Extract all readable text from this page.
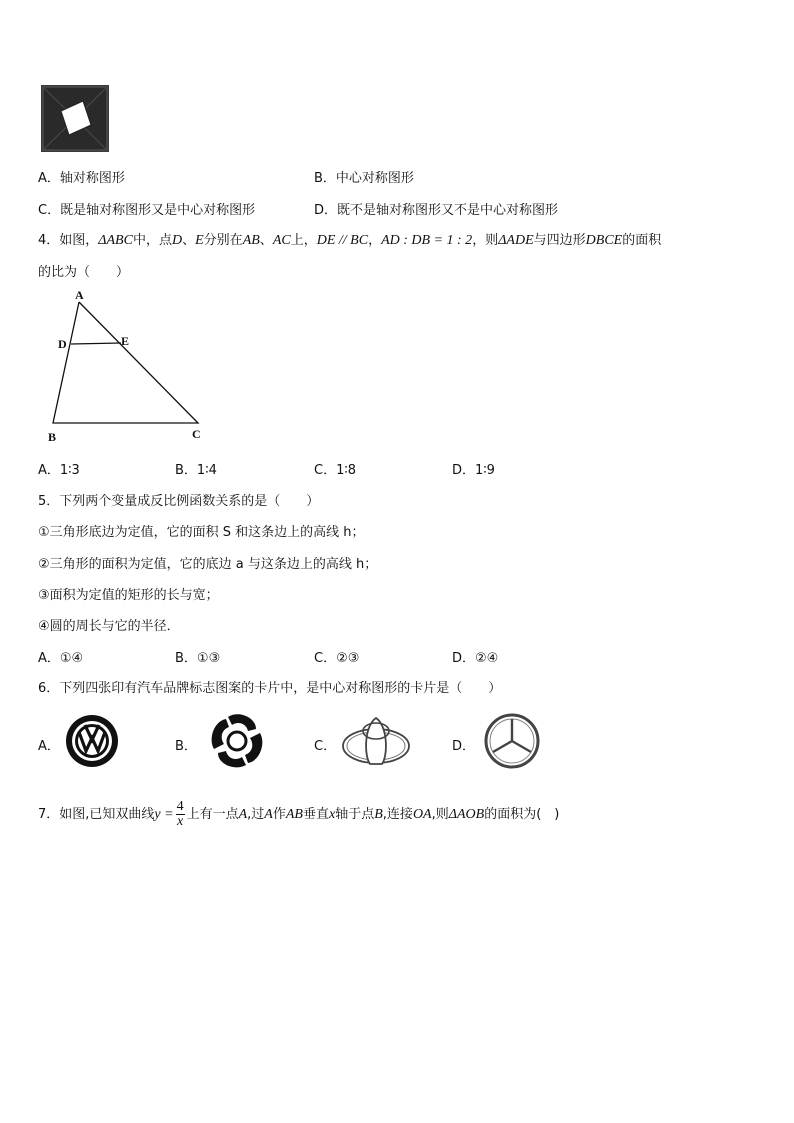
A．轴对称图形	B．中心对称图形
C．既是轴对称图形又是中心对称图形	D．既不是轴对称图形又不是中心对称图形
4．如图，ΔABC中，点D、E分别在AB、AC上，DE // BC，AD : DB = 1 : 2，则ΔADE与四边形DBCE的面积
的比为（　　）
A
D	E
B	C
A．1∶3	B．1∶4	C．1∶8	D．1∶9
5．下列两个变量成反比例函数关系的是（　　）
①三角形底边为定值，它的面积 S 和这条边上的高线 h；
②三角形的面积为定值，它的底边 a 与这条边上的高线 h；
③面积为定值的矩形的长与宽；
④圆的周长与它的半径．
A．①④	B．①③	C．②③	D．②④
6．下列四张印有汽车品牌标志图案的卡片中，是中心对称图形的卡片是（　　）
A．	B．	C．	D．
7．如图,已知双曲线$y = \frac{4}{x}$ 上有一点A,过A作AB垂直x轴于点B,连接OA,则ΔAOB的面积为(　)
